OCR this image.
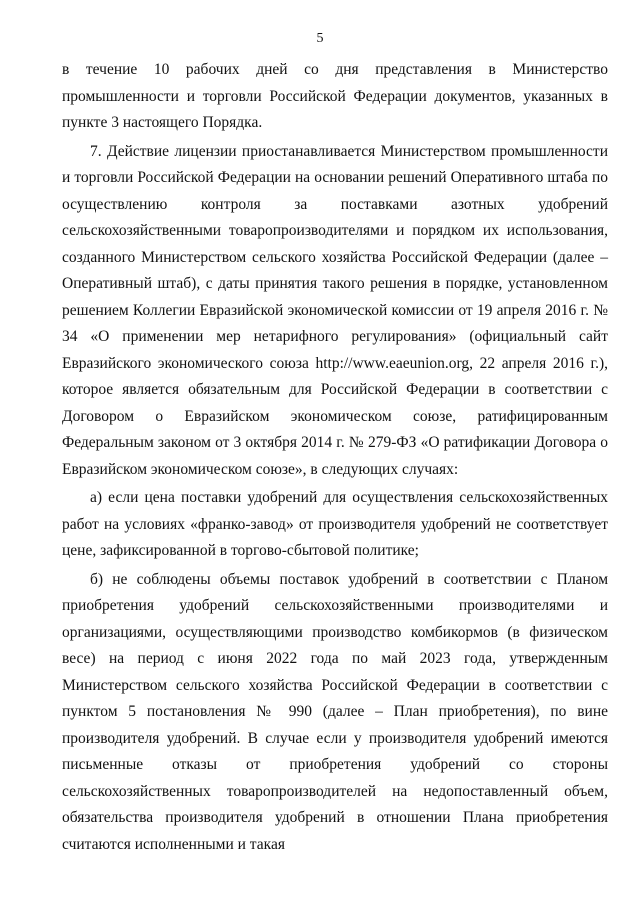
5

в течение 10 рабочих дней со дня представления в Министерство промышленности и торговли Российской Федерации документов, указанных в пункте 3 настоящего Порядка.

7. Действие лицензии приостанавливается Министерством промышленности и торговли Российской Федерации на основании решений Оперативного штаба по осуществлению контроля за поставками азотных удобрений сельскохозяйственными товаропроизводителями и порядком их использования, созданного Министерством сельского хозяйства Российской Федерации (далее – Оперативный штаб), с даты принятия такого решения в порядке, установленном решением Коллегии Евразийской экономической комиссии от 19 апреля 2016 г. № 34 «О применении мер нетарифного регулирования» (официальный сайт Евразийского экономического союза http://www.eaeunion.org, 22 апреля 2016 г.), которое является обязательным для Российской Федерации в соответствии с Договором о Евразийском экономическом союзе, ратифицированным Федеральным законом от 3 октября 2014 г. № 279-ФЗ «О ратификации Договора о Евразийском экономическом союзе», в следующих случаях:

а) если цена поставки удобрений для осуществления сельскохозяйственных работ на условиях «франко-завод» от производителя удобрений не соответствует цене, зафиксированной в торгово-сбытовой политике;

б) не соблюдены объемы поставок удобрений в соответствии с Планом приобретения удобрений сельскохозяйственными производителями и организациями, осуществляющими производство комбикормов (в физическом весе) на период с июня 2022 года по май 2023 года, утвержденным Министерством сельского хозяйства Российской Федерации в соответствии с пунктом 5 постановления № 990 (далее – План приобретения), по вине производителя удобрений. В случае если у производителя удобрений имеются письменные отказы от приобретения удобрений со стороны сельскохозяйственных товаропроизводителей на недопоставленный объем, обязательства производителя удобрений в отношении Плана приобретения считаются исполненными и такая
